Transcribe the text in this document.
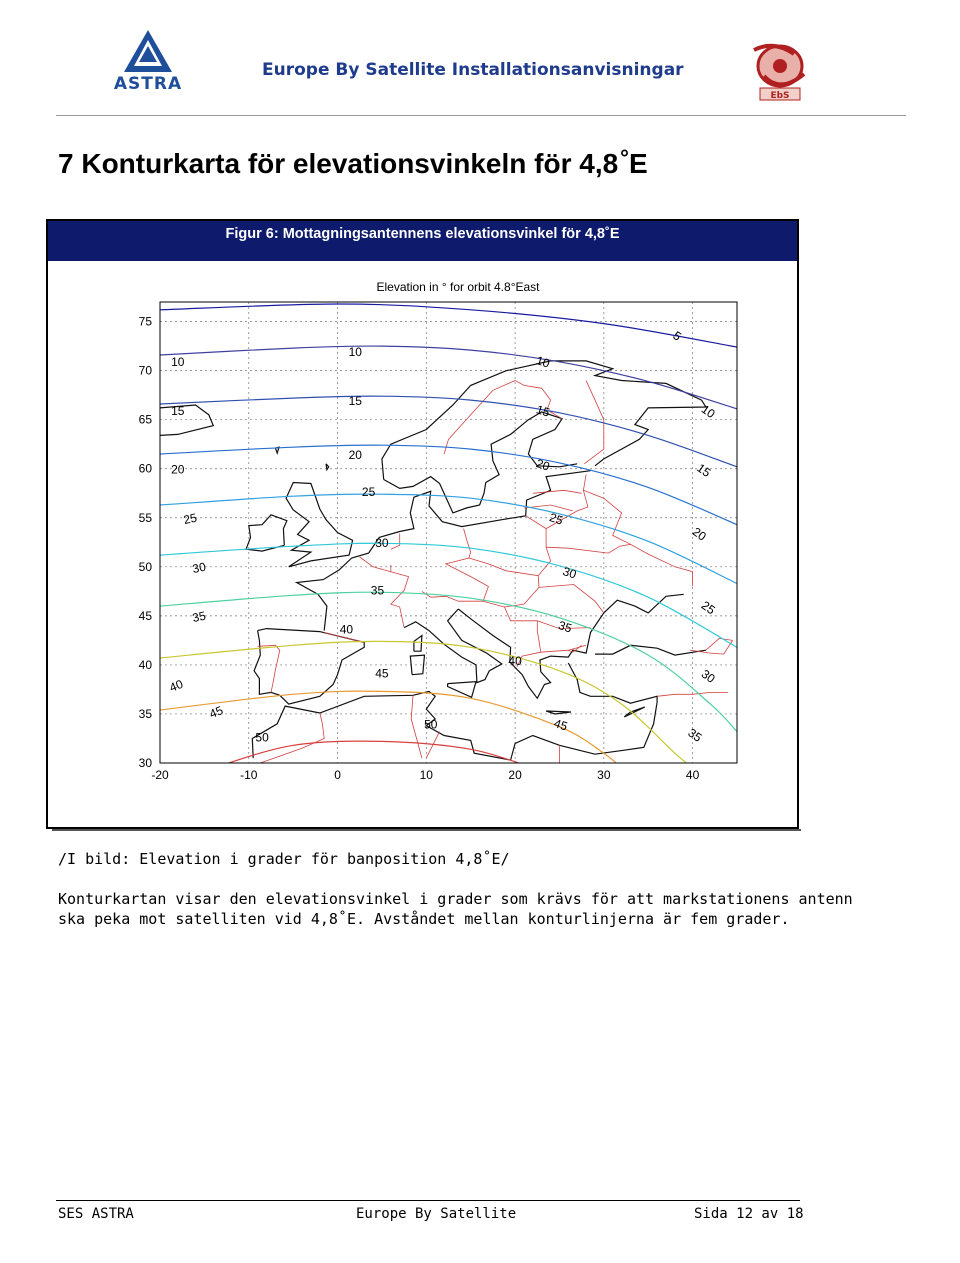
ASTRA
Europe By Satellite Installationsanvisningar
EbS
7 Konturkarta för elevationsvinkeln för 4,8°E
Figur 6: Mottagningsantennens elevationsvinkel för 4,8˚E
Elevation in ° for orbit 4.8°East
5
10
10
10
10
15
15
15
15
20
20
20
20
25
25
25
25
30
30
30
30
35
35
35
35
40
40
40
45
45
45
50
50
-20	-10	0	10	20	30	40
30
35
40
45
50
55
60
65
70
75
/I bild: Elevation i grader för banposition 4,8˚E/
Konturkartan visar den elevationsvinkel i grader som krävs för att markstationens antenn ska peka mot satelliten vid 4,8˚E. Avståndet mellan konturlinjerna är fem grader.
SES ASTRA	Europe By Satellite	Sida 12 av 18
